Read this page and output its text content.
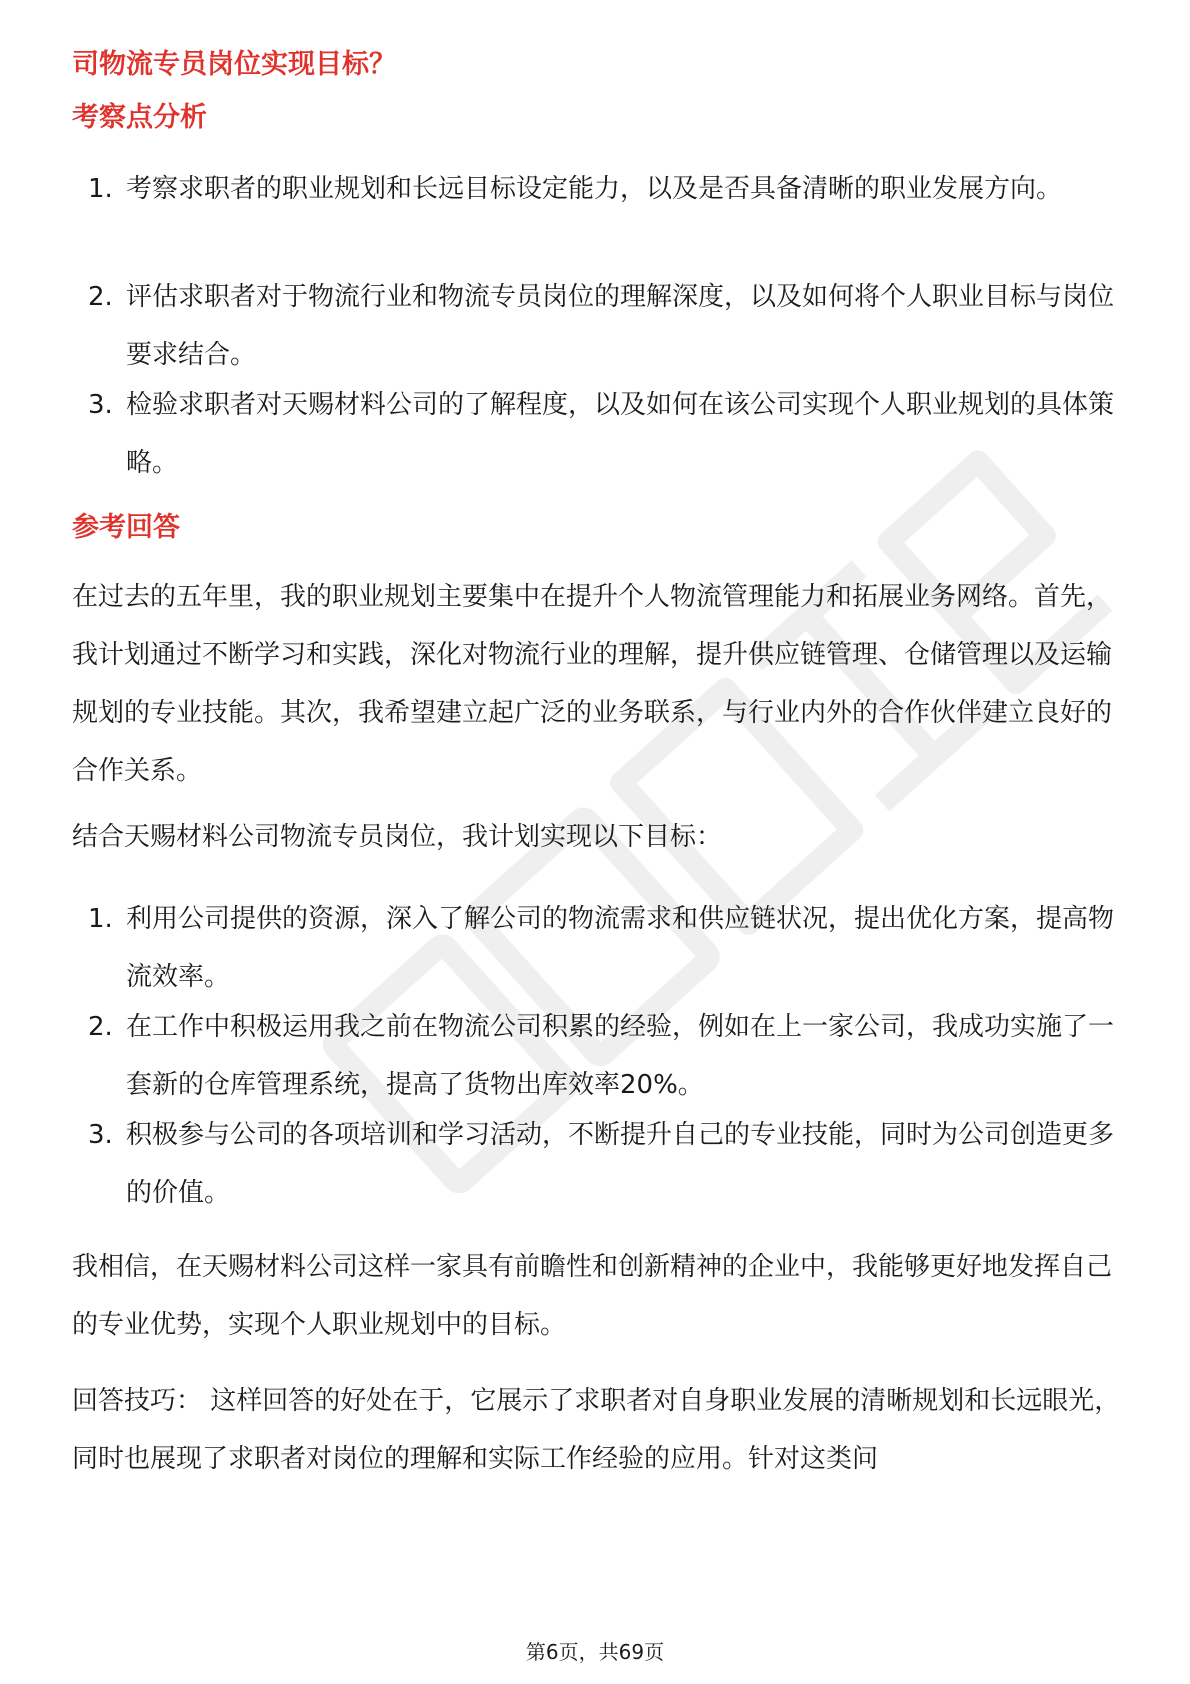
司物流专员岗位实现目标？
考察点分析
1. 考察求职者的职业规划和长远目标设定能力，以及是否具备清晰的职业发展方向。
2. 评估求职者对于物流行业和物流专员岗位的理解深度，以及如何将个人职业目标与岗位要求结合。
3. 检验求职者对天赐材料公司的了解程度，以及如何在该公司实现个人职业规划的具体策略。
参考回答
在过去的五年里，我的职业规划主要集中在提升个人物流管理能力和拓展业务网络。首先，我计划通过不断学习和实践，深化对物流行业的理解，提升供应链管理、仓储管理以及运输规划的专业技能。其次，我希望建立起广泛的业务联系，与行业内外的合作伙伴建立良好的合作关系。
结合天赐材料公司物流专员岗位，我计划实现以下目标：
1. 利用公司提供的资源，深入了解公司的物流需求和供应链状况，提出优化方案，提高物流效率。
2. 在工作中积极运用我之前在物流公司积累的经验，例如在上一家公司，我成功实施了一套新的仓库管理系统，提高了货物出库效率20%。
3. 积极参与公司的各项培训和学习活动，不断提升自己的专业技能，同时为公司创造更多的价值。
我相信，在天赐材料公司这样一家具有前瞻性和创新精神的企业中，我能够更好地发挥自己的专业优势，实现个人职业规划中的目标。
回答技巧： 这样回答的好处在于，它展示了求职者对自身职业发展的清晰规划和长远眼光，同时也展现了求职者对岗位的理解和实际工作经验的应用。针对这类问
第6页，共69页
